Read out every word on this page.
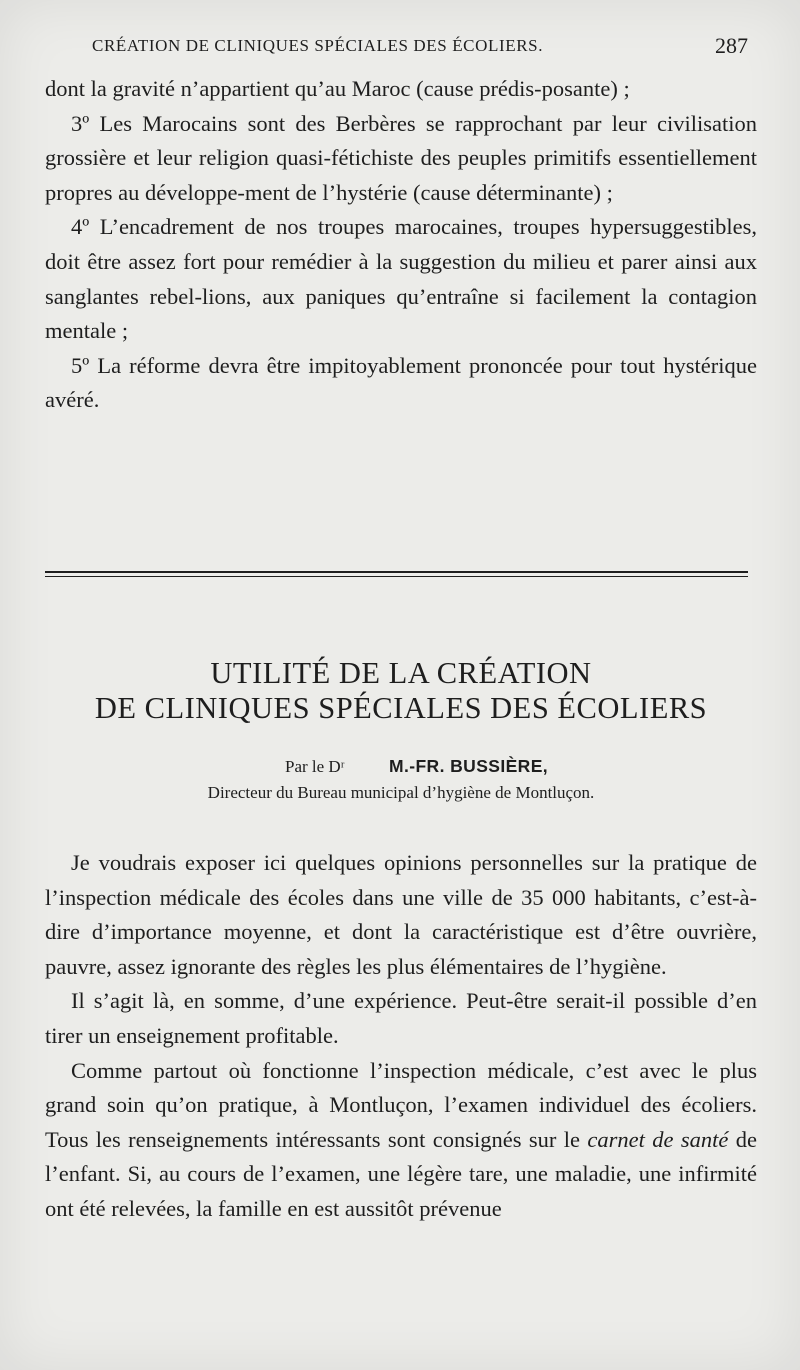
CRÉATION DE CLINIQUES SPÉCIALES DES ÉCOLIERS.	287

dont la gravité n’appartient qu’au Maroc (cause prédis-posante) ;

3º Les Marocains sont des Berbères se rapprochant par leur civilisation grossière et leur religion quasi-fétichiste des peuples primitifs essentiellement propres au développe-ment de l’hystérie (cause déterminante) ;

4º L’encadrement de nos troupes marocaines, troupes hypersuggestibles, doit être assez fort pour remédier à la suggestion du milieu et parer ainsi aux sanglantes rebel-lions, aux paniques qu’entraîne si facilement la contagion mentale ;

5º La réforme devra être impitoyablement prononcée pour tout hystérique avéré.

UTILITÉ DE LA CRÉATION
DE CLINIQUES SPÉCIALES DES ÉCOLIERS
Par le Dʳ	M.-FR. BUSSIÈRE,
Directeur du Bureau municipal d’hygiène de Montluçon.

Je voudrais exposer ici quelques opinions personnelles sur la pratique de l’inspection médicale des écoles dans une ville de 35 000 habitants, c’est-à-dire d’importance moyenne, et dont la caractéristique est d’être ouvrière, pauvre, assez ignorante des règles les plus élémentaires de l’hygiène.

Il s’agit là, en somme, d’une expérience. Peut-être serait-il possible d’en tirer un enseignement profitable.

Comme partout où fonctionne l’inspection médicale, c’est avec le plus grand soin qu’on pratique, à Montluçon, l’examen individuel des écoliers. Tous les renseignements intéressants sont consignés sur le carnet de santé de l’enfant. Si, au cours de l’examen, une légère tare, une maladie, une infirmité ont été relevées, la famille en est aussitôt prévenue
